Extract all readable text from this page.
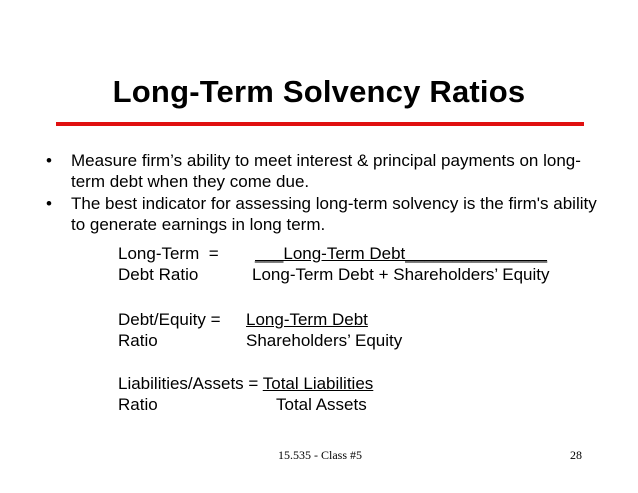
Long-Term Solvency Ratios
• Measure firm’s ability to meet interest & principal payments on long-term debt when they come due.
• The best indicator for assessing long-term solvency is the firm's ability to generate earnings in long term.
Long-Term  = ___Long-Term Debt_______________
Debt Ratio	Long-Term Debt + Shareholders’ Equity
Debt/Equity = Long-Term Debt
Ratio	Shareholders’ Equity
Liabilities/Assets = Total Liabilities
Ratio	Total Assets
15.535 - Class #5	28
